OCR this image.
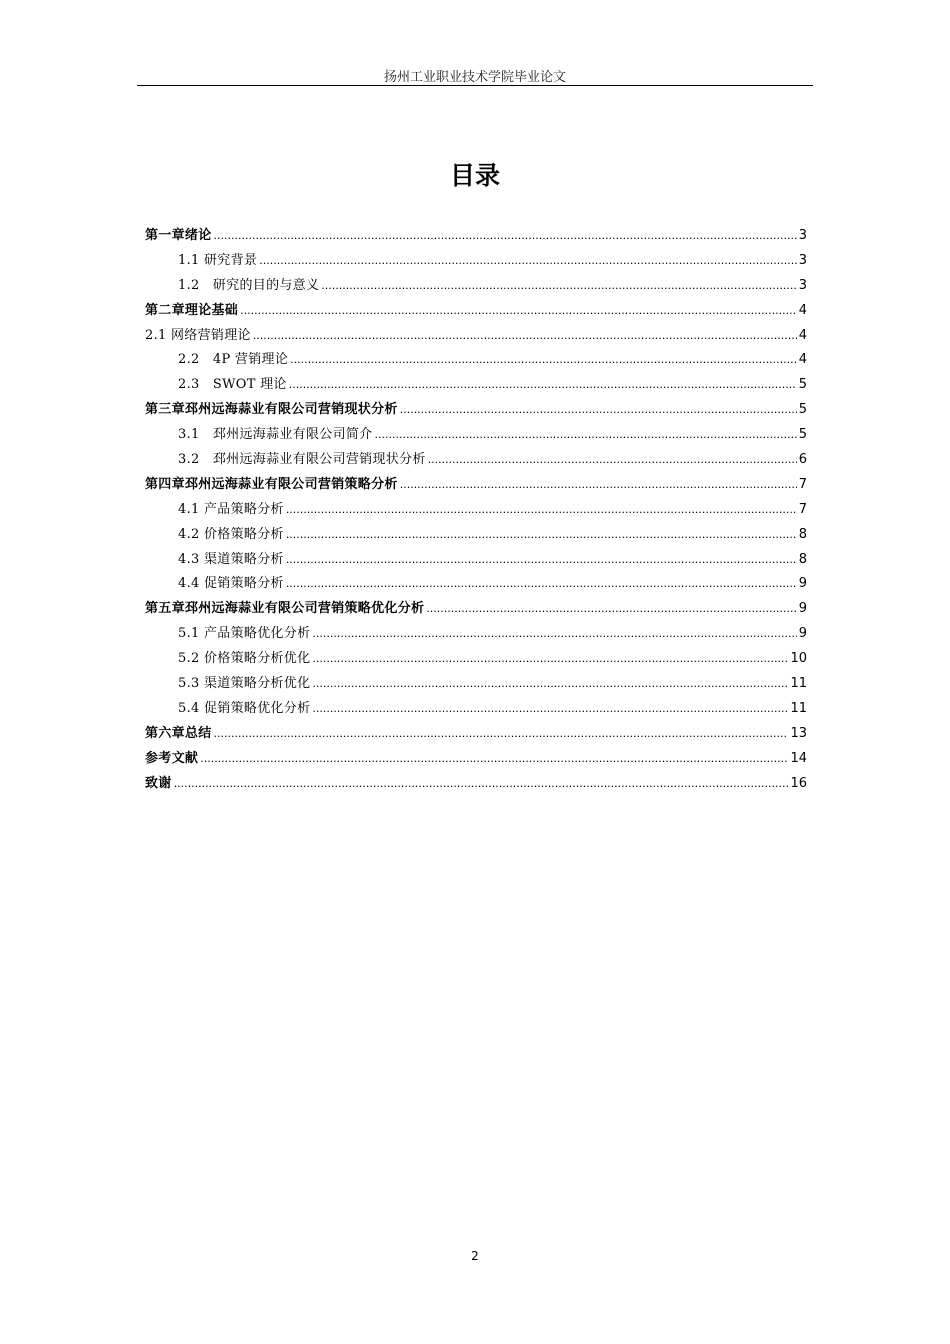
扬州工业职业技术学院毕业论文
目录
第一章绪论 .....	3
1.1 研究背景 .....	3
1.2　研究的目的与意义 .....	3
第二章理论基础 .....	4
2.1 网络营销理论 .....	4
2.2　4P 营销理论 .....	4
2.3　SWOT 理论 .....	5
第三章邳州远海蒜业有限公司营销现状分析 .....	5
3.1　邳州远海蒜业有限公司简介 .....	5
3.2　邳州远海蒜业有限公司营销现状分析 .....	6
第四章邳州远海蒜业有限公司营销策略分析 .....	7
4.1 产品策略分析 .....	7
4.2 价格策略分析 .....	8
4.3 渠道策略分析 .....	8
4.4 促销策略分析 .....	9
第五章邳州远海蒜业有限公司营销策略优化分析 .....	9
5.1 产品策略优化分析 .....	9
5.2 价格策略分析优化 .....	10
5.3 渠道策略分析优化 .....	11
5.4 促销策略优化分析 .....	11
第六章总结 .....	13
参考文献 .....	14
致谢 .....	16
2
